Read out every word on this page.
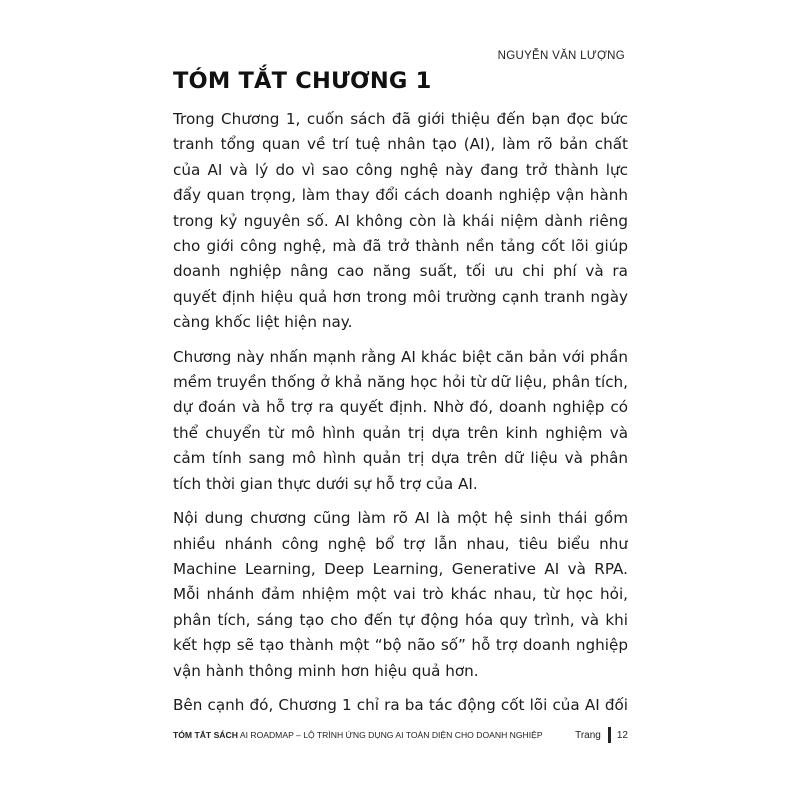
NGUYỄN VĂN LƯỢNG
TÓM TẮT CHƯƠNG 1

Trong Chương 1, cuốn sách đã giới thiệu đến bạn đọc bức tranh tổng quan về trí tuệ nhân tạo (AI), làm rõ bản chất của AI và lý do vì sao công nghệ này đang trở thành lực đẩy quan trọng, làm thay đổi cách doanh nghiệp vận hành trong kỷ nguyên số. AI không còn là khái niệm dành riêng cho giới công nghệ, mà đã trở thành nền tảng cốt lõi giúp doanh nghiệp nâng cao năng suất, tối ưu chi phí và ra quyết định hiệu quả hơn trong môi trường cạnh tranh ngày càng khốc liệt hiện nay.

Chương này nhấn mạnh rằng AI khác biệt căn bản với phần mềm truyền thống ở khả năng học hỏi từ dữ liệu, phân tích, dự đoán và hỗ trợ ra quyết định. Nhờ đó, doanh nghiệp có thể chuyển từ mô hình quản trị dựa trên kinh nghiệm và cảm tính sang mô hình quản trị dựa trên dữ liệu và phân tích thời gian thực dưới sự hỗ trợ của AI.

Nội dung chương cũng làm rõ AI là một hệ sinh thái gồm nhiều nhánh công nghệ bổ trợ lẫn nhau, tiêu biểu như Machine Learning, Deep Learning, Generative AI và RPA. Mỗi nhánh đảm nhiệm một vai trò khác nhau, từ học hỏi, phân tích, sáng tạo cho đến tự động hóa quy trình, và khi kết hợp sẽ tạo thành một “bộ não số” hỗ trợ doanh nghiệp vận hành thông minh hơn hiệu quả hơn.

Bên cạnh đó, Chương 1 chỉ ra ba tác động cốt lõi của AI đối

TÓM TẮT SÁCH AI ROADMAP – LỘ TRÌNH ỨNG DỤNG AI TOÀN DIỆN CHO DOANH NGHIỆP	Trang 12
